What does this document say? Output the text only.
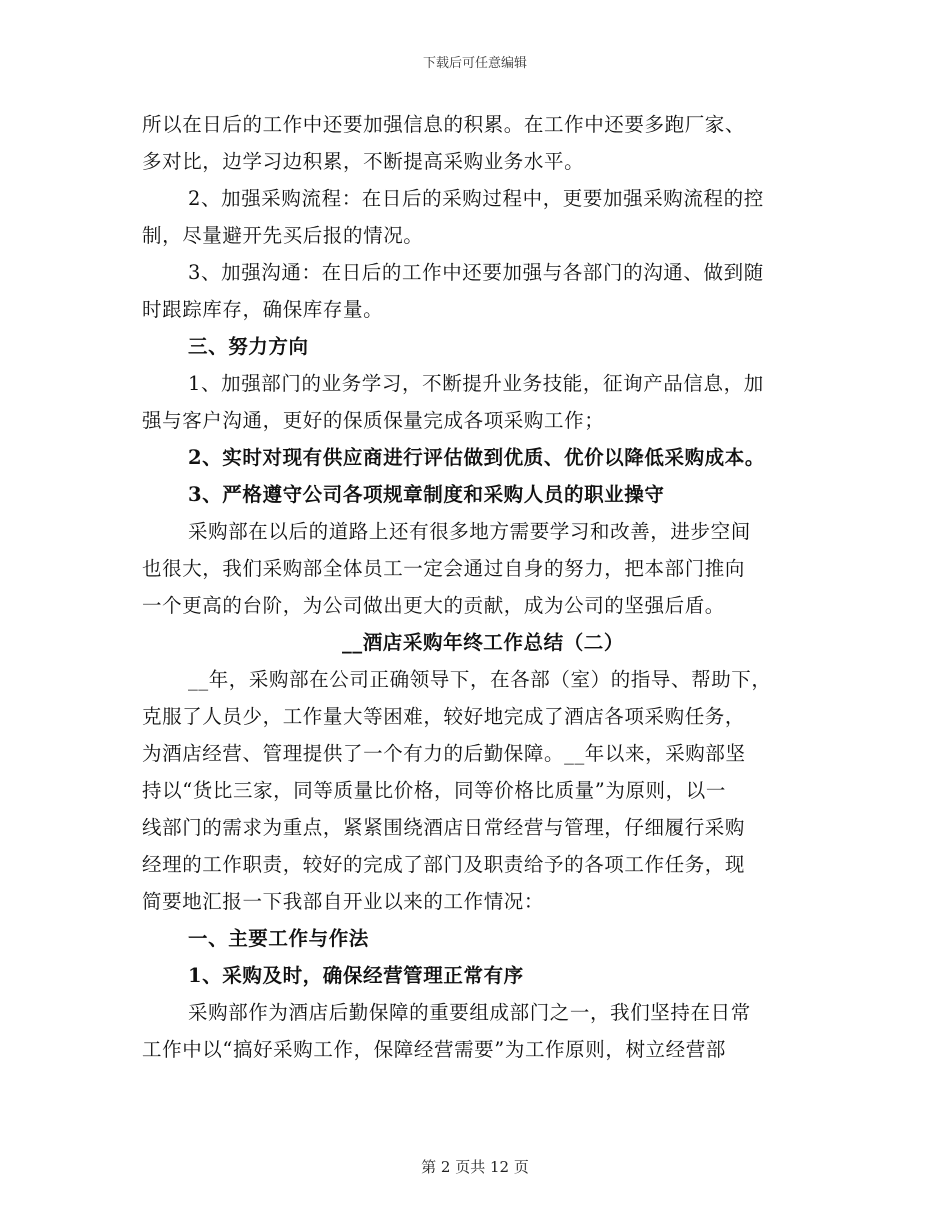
下载后可任意编辑
所以在日后的工作中还要加强信息的积累。在工作中还要多跑厂家、
多对比，边学习边积累，不断提高采购业务水平。
2、加强采购流程：在日后的采购过程中，更要加强采购流程的控
制，尽量避开先买后报的情况。
3、加强沟通：在日后的工作中还要加强与各部门的沟通、做到随
时跟踪库存，确保库存量。
三、努力方向
1、加强部门的业务学习，不断提升业务技能，征询产品信息，加
强与客户沟通，更好的保质保量完成各项采购工作；
2、实时对现有供应商进行评估做到优质、优价以降低采购成本。
3、严格遵守公司各项规章制度和采购人员的职业操守
采购部在以后的道路上还有很多地方需要学习和改善，进步空间
也很大，我们采购部全体员工一定会通过自身的努力，把本部门推向
一个更高的台阶，为公司做出更大的贡献，成为公司的坚强后盾。
__酒店采购年终工作总结（二）
__年，采购部在公司正确领导下，在各部（室）的指导、帮助下，
克服了人员少，工作量大等困难，较好地完成了酒店各项采购任务，
为酒店经营、管理提供了一个有力的后勤保障。__年以来，采购部坚
持以“货比三家，同等质量比价格，同等价格比质量”为原则，以一
线部门的需求为重点，紧紧围绕酒店日常经营与管理，仔细履行采购
经理的工作职责，较好的完成了部门及职责给予的各项工作任务，现
简要地汇报一下我部自开业以来的工作情况：
一、主要工作与作法
1、采购及时，确保经营管理正常有序
采购部作为酒店后勤保障的重要组成部门之一，我们坚持在日常
工作中以“搞好采购工作，保障经营需要”为工作原则，树立经营部
第 2 页共 12 页
